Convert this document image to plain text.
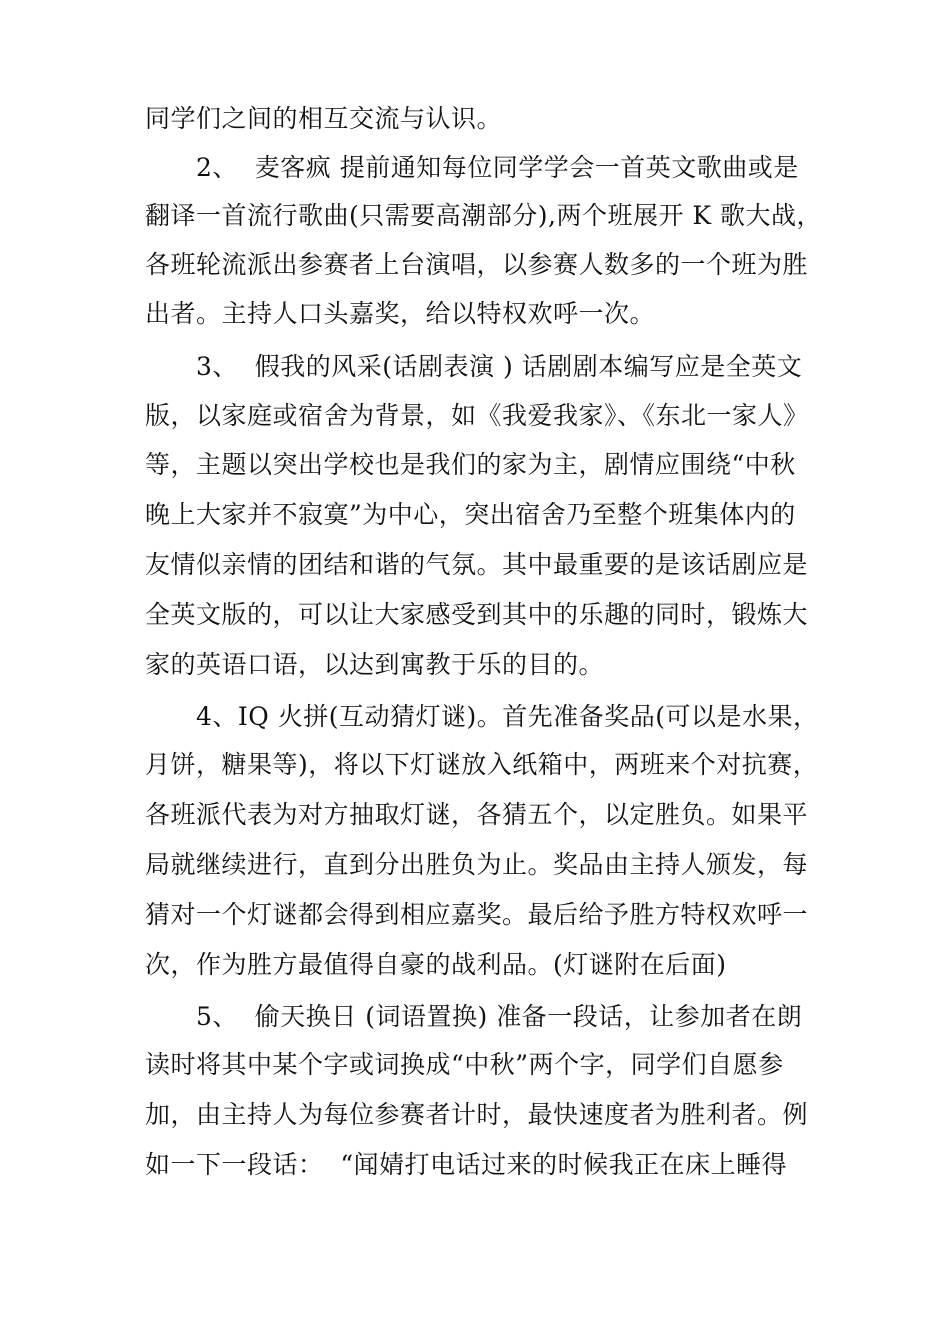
同学们之间的相互交流与认识。
2、  麦客疯 提前通知每位同学学会一首英文歌曲或是
翻译一首流行歌曲(只需要高潮部分),两个班展开 K 歌大战，
各班轮流派出参赛者上台演唱，以参赛人数多的一个班为胜
出者。主持人口头嘉奖，给以特权欢呼一次。
3、  假我的风采(话剧表演 ) 话剧剧本编写应是全英文
版，以家庭或宿舍为背景，如《我爱我家》、《东北一家人》
等，主题以突出学校也是我们的家为主，剧情应围绕“中秋
晚上大家并不寂寞”为中心，突出宿舍乃至整个班集体内的
友情似亲情的团结和谐的气氛。其中最重要的是该话剧应是
全英文版的，可以让大家感受到其中的乐趣的同时，锻炼大
家的英语口语，以达到寓教于乐的目的。
4、IQ 火拼(互动猜灯谜)。首先准备奖品(可以是水果，
月饼，糖果等)，将以下灯谜放入纸箱中，两班来个对抗赛，
各班派代表为对方抽取灯谜，各猜五个，以定胜负。如果平
局就继续进行，直到分出胜负为止。奖品由主持人颁发，每
猜对一个灯谜都会得到相应嘉奖。最后给予胜方特权欢呼一
次，作为胜方最值得自豪的战利品。(灯谜附在后面)
5、  偷天换日 (词语置换) 准备一段话，让参加者在朗
读时将其中某个字或词换成“中秋”两个字，同学们自愿参
加，由主持人为每位参赛者计时，最快速度者为胜利者。例
如一下一段话：  “闻婧打电话过来的时候我正在床上睡得
